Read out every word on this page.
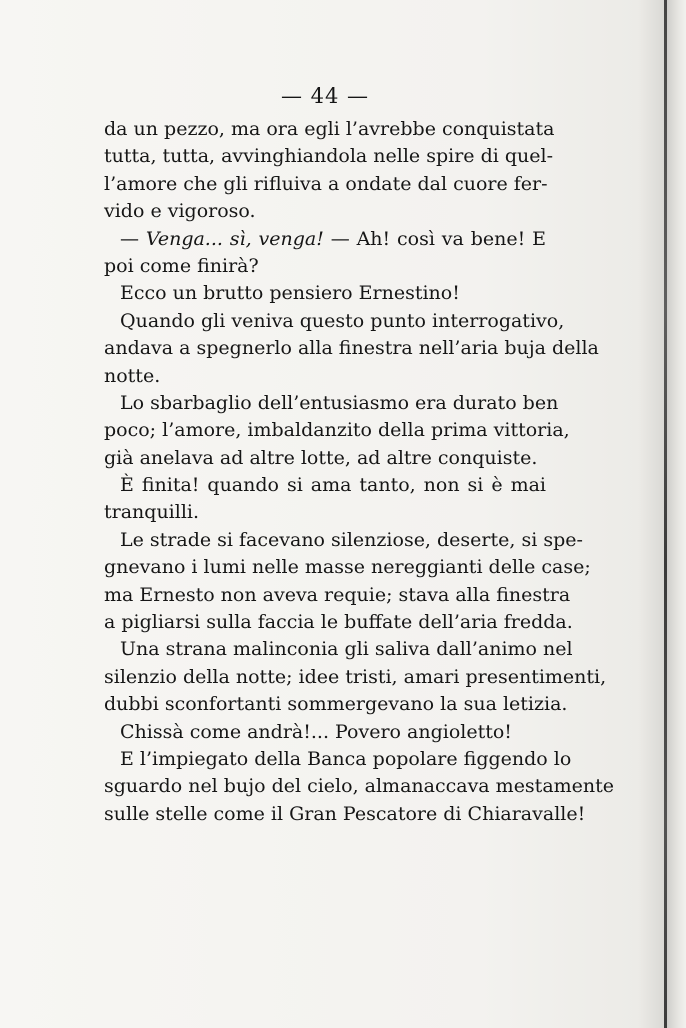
— 44 —
da un pezzo, ma ora egli l’avrebbe conquistata
tutta, tutta, avvinghiandola nelle spire di quel-
l’amore che gli rifluiva a ondate dal cuore fer-
vido e vigoroso.
— Venga... sì, venga! — Ah! così va bene! E
poi come finirà?
Ecco un brutto pensiero Ernestino!
Quando gli veniva questo punto interrogativo,
andava a spegnerlo alla finestra nell’aria buja della
notte.
Lo sbarbaglio dell’entusiasmo era durato ben
poco; l’amore, imbaldanzito della prima vittoria,
già anelava ad altre lotte, ad altre conquiste.
È finita! quando si ama tanto, non si è mai
tranquilli.
Le strade si facevano silenziose, deserte, si spe-
gnevano i lumi nelle masse nereggianti delle case;
ma Ernesto non aveva requie; stava alla finestra
a pigliarsi sulla faccia le buffate dell’aria fredda.
Una strana malinconia gli saliva dall’animo nel
silenzio della notte; idee tristi, amari presentimenti,
dubbi sconfortanti sommergevano la sua letizia.
Chissà come andrà!... Povero angioletto!
E l’impiegato della Banca popolare figgendo lo
sguardo nel bujo del cielo, almanaccava mestamente
sulle stelle come il Gran Pescatore di Chiaravalle!
